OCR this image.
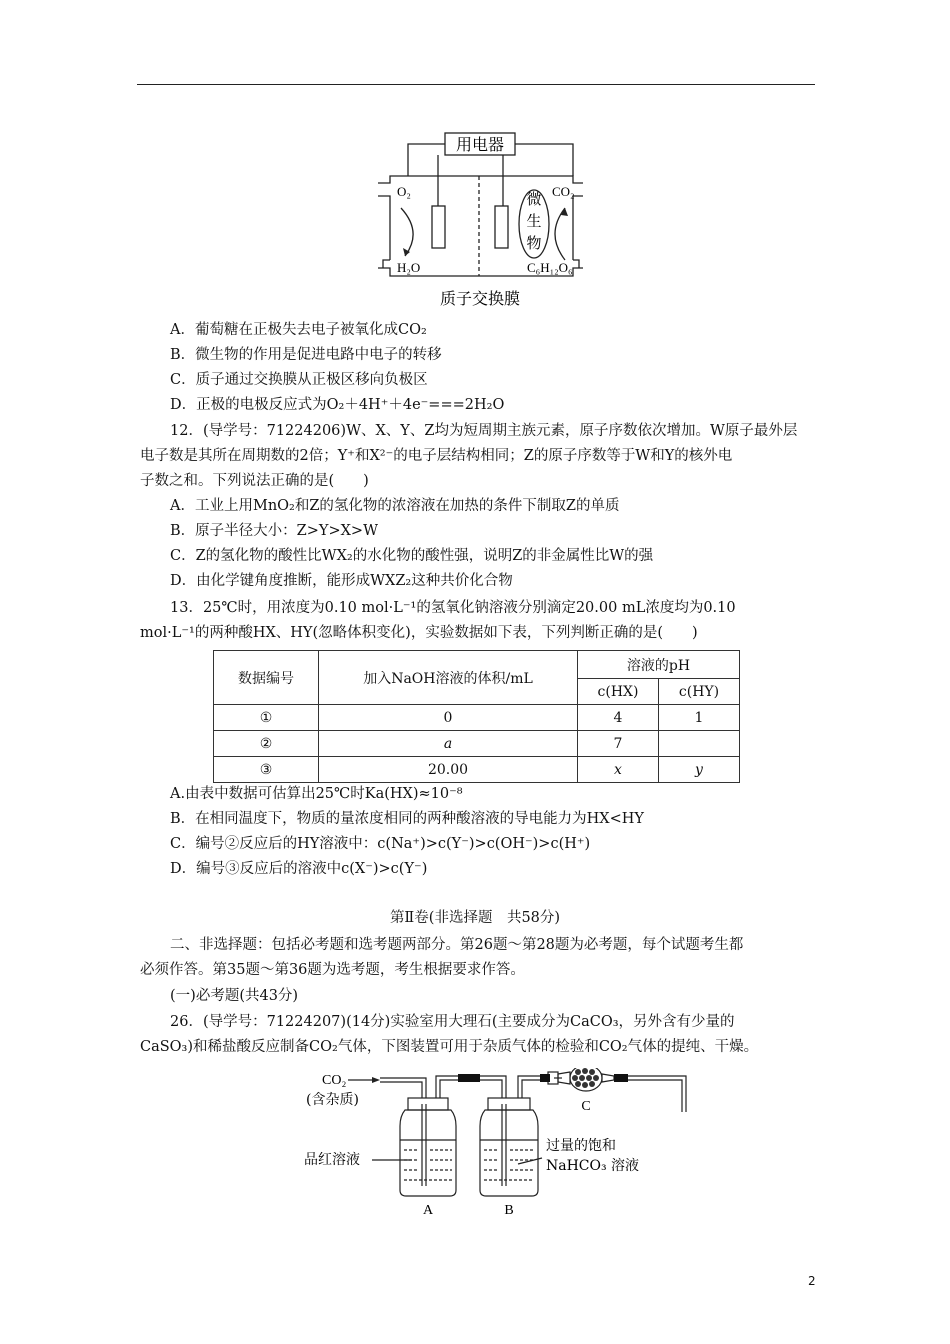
用电器
O₂
H₂O
CO₂
C₆H₁₂O₆
微
生
物
质子交换膜
A．葡萄糖在正极失去电子被氧化成CO₂
B．微生物的作用是促进电路中电子的转移
C．质子通过交换膜从正极区移向负极区
D．正极的电极反应式为O₂＋4H⁺＋4e⁻===2H₂O
12．(导学号：71224206)W、X、Y、Z均为短周期主族元素，原子序数依次增加。W原子最外层
电子数是其所在周期数的2倍；Y⁺和X²⁻的电子层结构相同；Z的原子序数等于W和Y的核外电
子数之和。下列说法正确的是(　　)
A．工业上用MnO₂和Z的氢化物的浓溶液在加热的条件下制取Z的单质
B．原子半径大小：Z>Y>X>W
C．Z的氢化物的酸性比WX₂的水化物的酸性强，说明Z的非金属性比W的强
D．由化学键角度推断，能形成WXZ₂这种共价化合物
13．25℃时，用浓度为0.10 mol·L⁻¹的氢氧化钠溶液分别滴定20.00 mL浓度均为0.10
mol·L⁻¹的两种酸HX、HY(忽略体积变化)，实验数据如下表，下列判断正确的是(　　)
数据编号	加入NaOH溶液的体积/mL	溶液的pH	
		c(HX)	c(HY)
①	0	4	1
②	a	7	
③	20.00	x	y
A.由表中数据可估算出25℃时Ka(HX)≈10⁻⁸
B．在相同温度下，物质的量浓度相同的两种酸溶液的导电能力为HX<HY
C．编号②反应后的HY溶液中：c(Na⁺)>c(Y⁻)>c(OH⁻)>c(H⁺)
D．编号③反应后的溶液中c(X⁻)>c(Y⁻)
第Ⅱ卷(非选择题　共58分)
二、非选择题：包括必考题和选考题两部分。第26题～第28题为必考题，每个试题考生都
必须作答。第35题～第36题为选考题，考生根据要求作答。
(一)必考题(共43分)
26．(导学号：71224207)(14分)实验室用大理石(主要成分为CaCO₃，另外含有少量的
CaSO₃)和稀盐酸反应制备CO₂气体，下图装置可用于杂质气体的检验和CO₂气体的提纯、干燥。
CO₂
(含杂质)
品红溶液
过量的饱和
NaHCO₃ 溶液
A	B
C
2
